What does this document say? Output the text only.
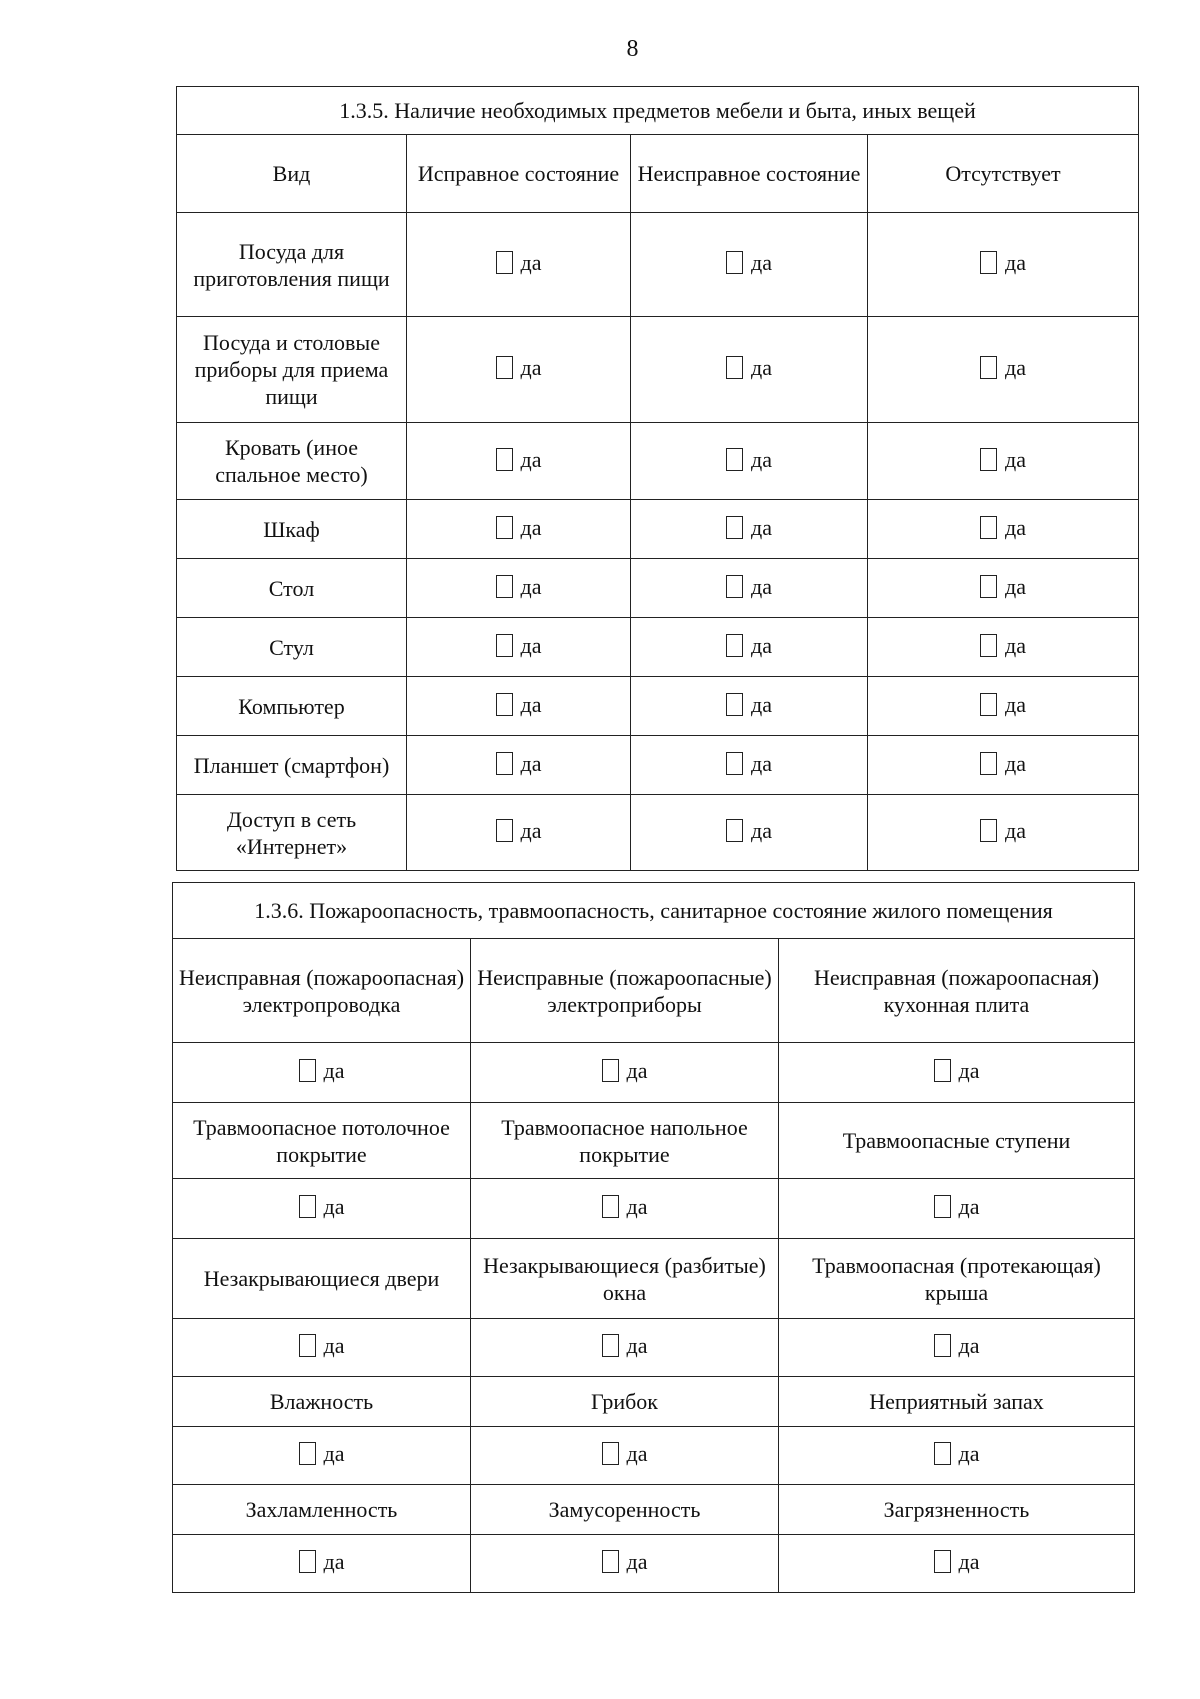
8
1.3.5. Наличие необходимых предметов мебели и быта, иных вещей			
Вид	Исправное состояние	Неисправное состояние	Отсутствует
Посуда для приготовления пищи	да	да	да

Посуда и столовые приборы для приема пищи	да	да	да

Кровать (иное спальное место)	да	да	да

Шкаф	да	да	да

Стол	да	да	да

Стул	да	да	да

Компьютер	да	да	да

Планшет (смартфон)	да	да	да

Доступ в сеть «Интернет»	да	да	да
1.3.6. Пожароопасность, травмоопасность, санитарное состояние жилого помещения		
Неисправная (пожароопасная) электропроводка	Неисправные (пожароопасные) электроприборы	Неисправная (пожароопасная) кухонная плита

да	да	да

Травмоопасное потолочное покрытие	Травмоопасное напольное покрытие	Травмоопасные ступени

да	да	да

Незакрывающиеся двери	Незакрывающиеся (разбитые) окна	Травмоопасная (протекающая) крыша

да	да	да

Влажность	Грибок	Неприятный запах

да	да	да

Захламленность	Замусоренность	Загрязненность

да	да	да
